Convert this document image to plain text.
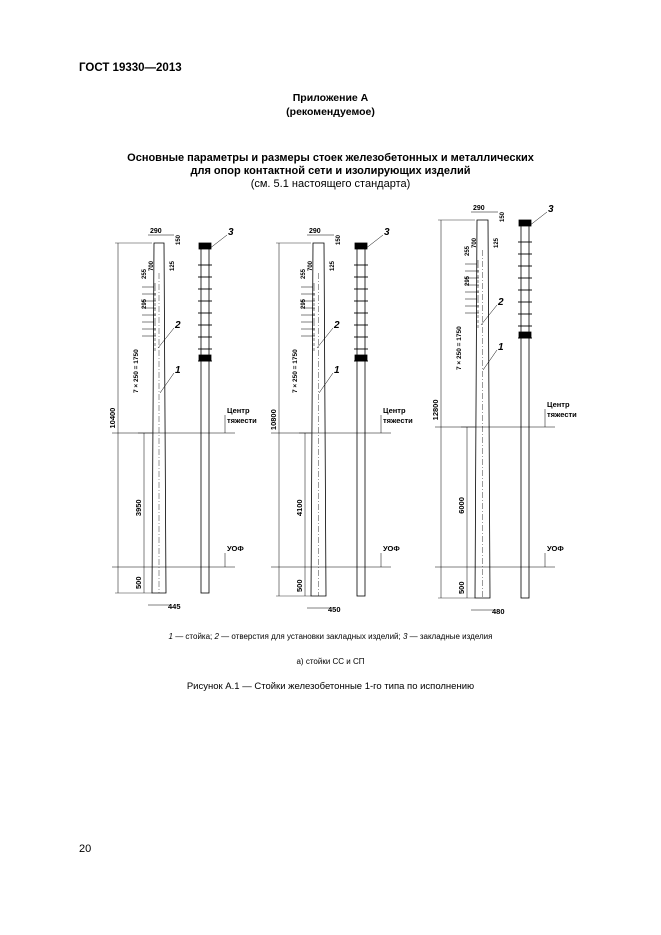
ГОСТ 19330—2013
Приложение А
(рекомендуемое)
Основные параметры и размеры стоек железобетонных и металлических
для опор контактной сети и изолирующих изделий
(см. 5.1 настоящего стандарта)
290
150
125
255
700
295
7 × 250 = 1750
10400
3950
500
445
Центр
тяжести
УОФ
1
2
3	290
150
125
255
700
295
7 × 250 = 1750
10800
4100
500
450
Центр
тяжести
УОФ
1
2
3
290
150
125
255
700
295
7 × 250 = 1750
12800
6000
500
480
Центр
тяжести
УОФ
1
2
3
1 — стойка; 2 — отверстия для установки закладных изделий; 3 — закладные изделия
а) стойки СС и СП
Рисунок А.1 — Стойки железобетонные 1-го типа по исполнению
20
